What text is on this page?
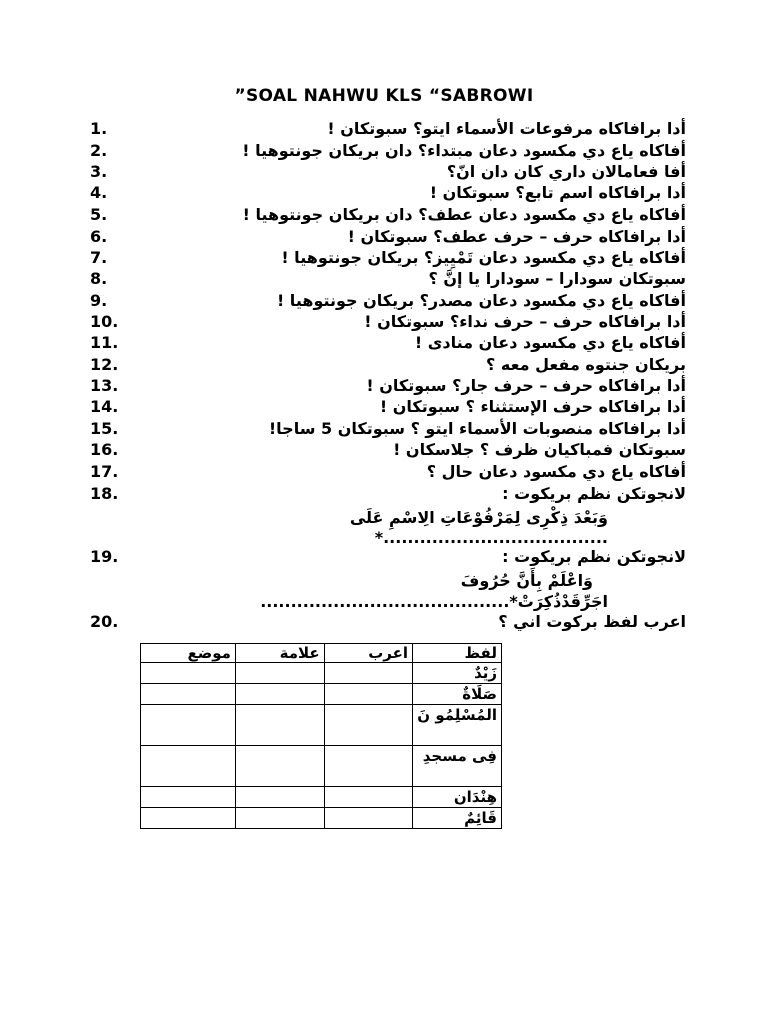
”SOAL NAHWU KLS “SABROWI
1.	أدا برافاكاه مرفوعات الأسماء ايتو؟ سبوتكان !
2.	أفاكاه ياع دي مكسود دعان مبتداء؟ دان بريكان جونتوهيا !
3.	أفا فعامالان داري كان دان انّ؟
4.	أدا برافاكاه اسم تابع؟ سبوتكان !
5.	أفاكاه ياع دي مكسود دعان عطف؟ دان بريكان جونتوهيا !
6.	أدا برافاكاه حرف – حرف عطف؟ سبوتكان !
7.	أفاكاه ياع دي مكسود دعان تَمْيِيز؟ بريكان جونتوهيا !
8.	سبوتكان سودارا – سودارا يا إنَّ ؟
9.	أفاكاه ياع دي مكسود دعان مصدر؟ بريكان جونتوهيا !
10.	أدا برافاكاه حرف – حرف نداء؟ سبوتكان !
11.	أفاكاه ياع دي مكسود دعان منادى !
12.	بريكان جنتوه مفعل معه ؟
13.	أدا برافاكاه حرف – حرف جار؟ سبوتكان !
14.	أدا برافاكاه حرف الإستثناء ؟ سبوتكان !
15.	أدا برافاكاه منصوبات الأسماء ايتو ؟ سبوتكان 5 ساجا!
16.	سبوتكان فمباكيان ظرف ؟ جلاسكان !
17.	أفاكاه ياع دي مكسود دعان حال ؟
18.	لانجوتكن نظم بريكوت :
19.	لانجوتكن نظم بريكوت :
20.	اعرب لفظ بركوت اني ؟
وَبَعْدَ ذِكْرِى لِمَرْفُوْعَاتِ الِاسْمِ عَلَى
.....................................*
وَاعْلَمْ بِأَنَّ حُرُوفَ
اجَرِّقَدْذُكِرَتْ*.........................................
لفظ	اعرب	علامة	موضع
زَيْدٌ			
صَلَاةٌ			
المُسْلِمُو نَ			
فِى مسجدِ			
هِنْدَان			
قَائِمٌ			
